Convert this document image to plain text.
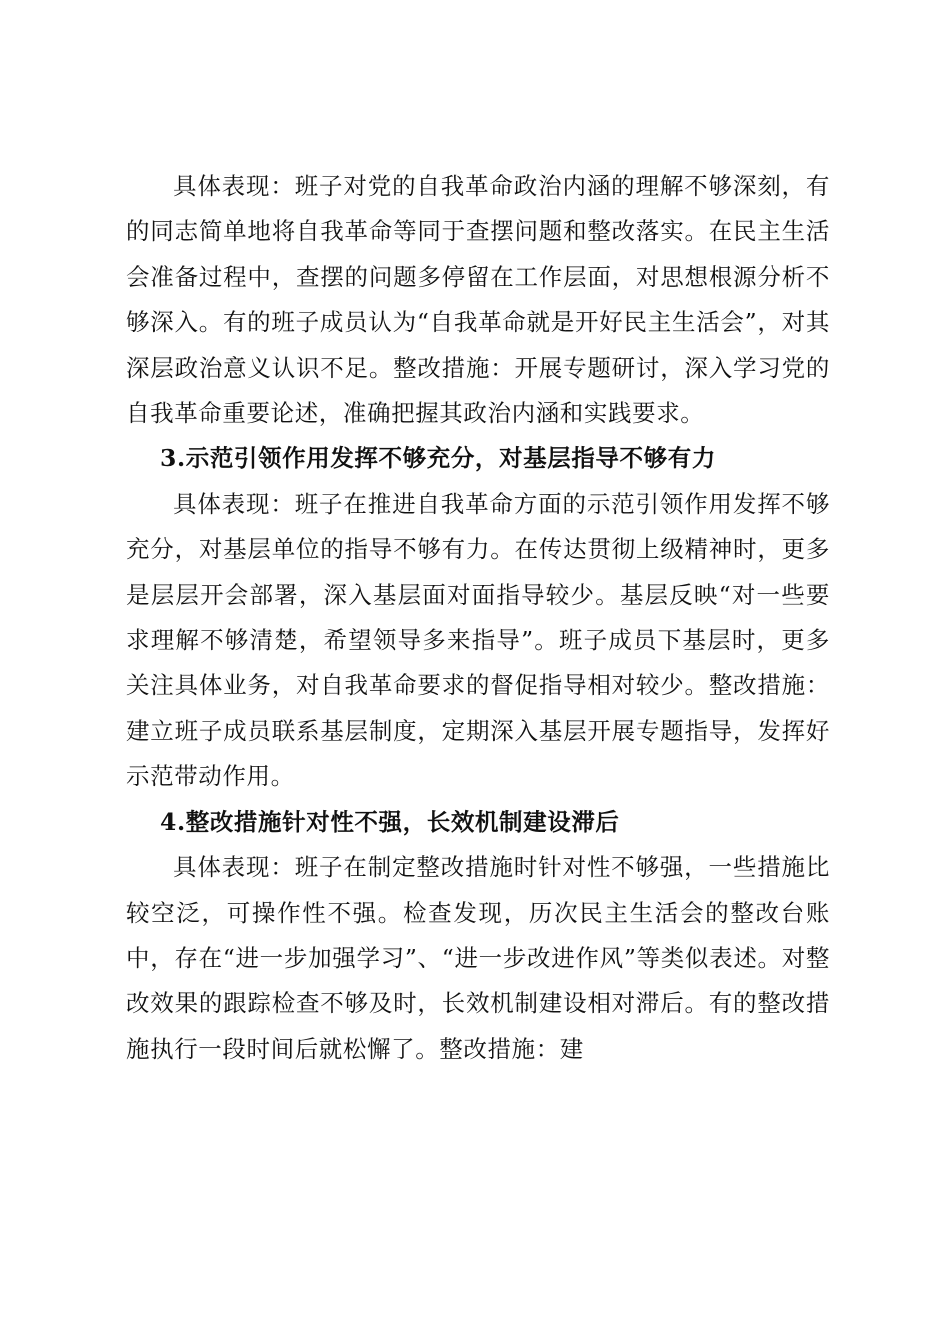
具体表现：班子对党的自我革命政治内涵的理解不够深刻，有的同志简单地将自我革命等同于查摆问题和整改落实。在民主生活会准备过程中，查摆的问题多停留在工作层面，对思想根源分析不够深入。有的班子成员认为“自我革命就是开好民主生活会”，对其深层政治意义认识不足。整改措施：开展专题研讨，深入学习党的自我革命重要论述，准确把握其政治内涵和实践要求。

3.示范引领作用发挥不够充分，对基层指导不够有力

具体表现：班子在推进自我革命方面的示范引领作用发挥不够充分，对基层单位的指导不够有力。在传达贯彻上级精神时，更多是层层开会部署，深入基层面对面指导较少。基层反映“对一些要求理解不够清楚，希望领导多来指导”。班子成员下基层时，更多关注具体业务，对自我革命要求的督促指导相对较少。整改措施：建立班子成员联系基层制度，定期深入基层开展专题指导，发挥好示范带动作用。

4.整改措施针对性不强，长效机制建设滞后

具体表现：班子在制定整改措施时针对性不够强，一些措施比较空泛，可操作性不强。检查发现，历次民主生活会的整改台账中，存在“进一步加强学习”、“进一步改进作风”等类似表述。对整改效果的跟踪检查不够及时，长效机制建设相对滞后。有的整改措施执行一段时间后就松懈了。整改措施：建
